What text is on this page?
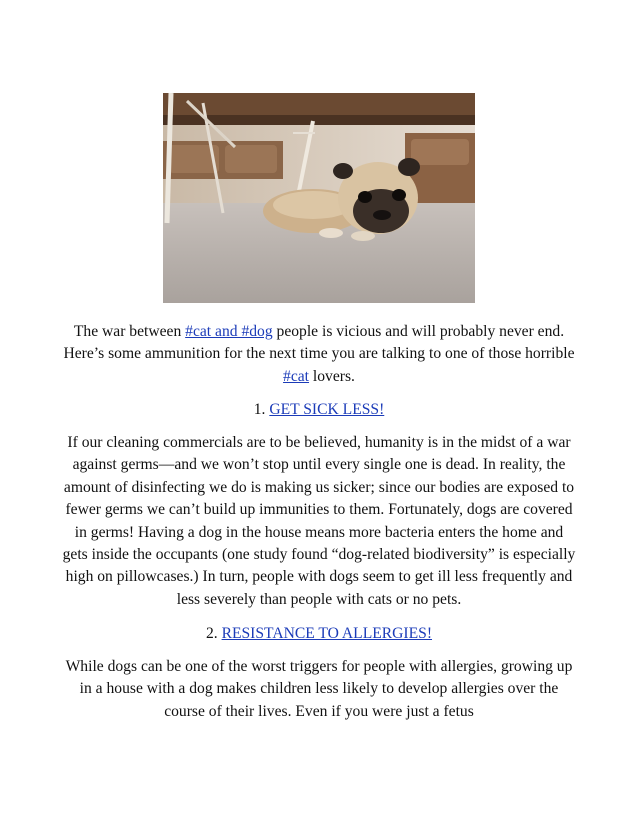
The war between #cat and #dog people is vicious and will probably never end. Here’s some ammunition for the next time you are talking to one of those horrible #cat lovers.

1. GET SICK LESS!

If our cleaning commercials are to be believed, humanity is in the midst of a war against germs—and we won’t stop until every single one is dead. In reality, the amount of disinfecting we do is making us sicker; since our bodies are exposed to fewer germs we can’t build up immunities to them. Fortunately, dogs are covered in germs! Having a dog in the house means more bacteria enters the home and gets inside the occupants (one study found “dog-related biodiversity” is especially high on pillowcases.) In turn, people with dogs seem to get ill less frequently and less severely than people with cats or no pets.

2. RESISTANCE TO ALLERGIES!

While dogs can be one of the worst triggers for people with allergies, growing up in a house with a dog makes children less likely to develop allergies over the course of their lives. Even if you were just a fetus
